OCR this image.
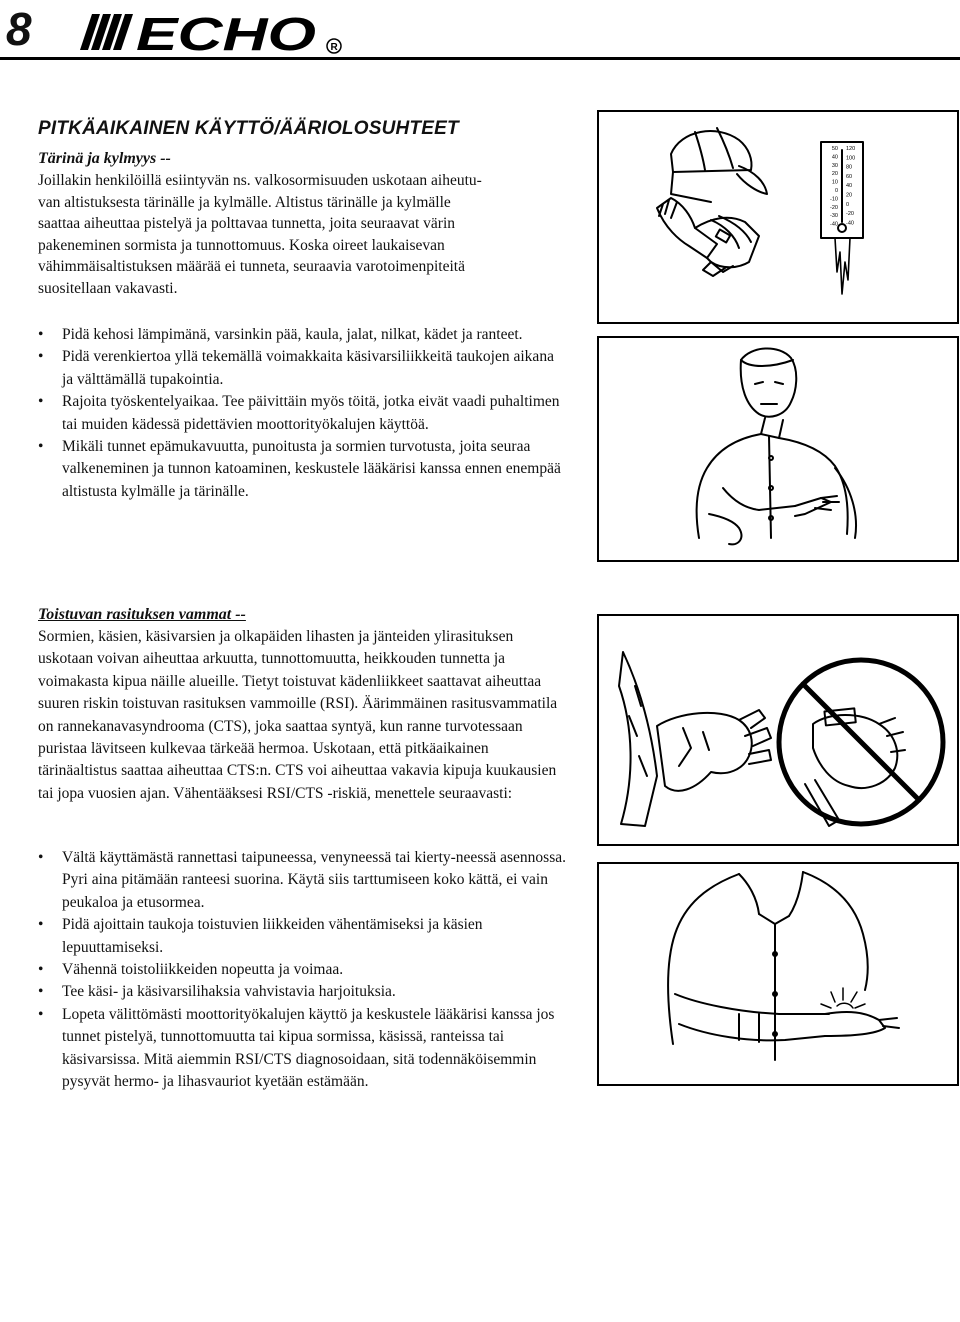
8 ECHO R
PITKÄAIKAINEN KÄYTTÖ/ÄÄRIOLOSUHTEET
Tärinä ja kylmyys --
Joillakin henkilöillä esiintyvän ns. valkosormisuuden uskotaan aiheutu-
van altistuksesta tärinälle ja kylmälle. Altistus tärinälle ja kylmälle
saattaa aiheuttaa pistelyä ja polttavaa tunnetta, joita seuraavat värin
pakeneminen sormista ja tunnottomuus. Koska oireet laukaisevan
vähimmäisaltistuksen määrää ei tunneta, seuraavia varotoimenpiteitä
suositellaan vakavasti.
• Pidä kehosi lämpimänä, varsinkin pää, kaula, jalat, nilkat, kädet ja ranteet.
• Pidä verenkiertoa yllä tekemällä voimakkaita käsivarsiliikkeitä taukojen aikana ja välttämällä tupakointia.
• Rajoita työskentelyaikaa. Tee päivittäin myös töitä, jotka eivät vaadi puhaltimen tai muiden kädessä pidettävien moottorityökalujen käyttöä.
• Mikäli tunnet epämukavuutta, punoitusta ja sormien turvotusta, joita seuraa valkeneminen ja tunnon katoaminen, keskustele lääkärisi kanssa ennen enempää altistusta kylmälle ja tärinälle.
Toistuvan rasituksen vammat --

Sormien, käsien, käsivarsien ja olkapäiden lihasten ja jänteiden ylirasituksen uskotaan voivan aiheuttaa arkuutta, tunnottomuutta, heikkouden tunnetta ja voimakasta kipua näille alueille. Tietyt toistuvat kädenliikkeet saattavat aiheuttaa suuren riskin toistuvan rasituksen vammoille (RSI). Äärimmäinen rasitusvammatila on rannekanavasyndrooma (CTS), joka saattaa syntyä, kun ranne turvotessaan puristaa lävitseen kulkevaa tärkeää hermoa. Uskotaan, että pitkäaikainen tärinäaltistus saattaa aiheuttaa CTS:n. CTS voi aiheuttaa vakavia kipuja kuukausien tai jopa vuosien ajan. Vähentääksesi RSI/CTS -riskiä, menettele seuraavasti:

• Vältä käyttämästä rannettasi taipuneessa, venyneessä tai kierty-neessä asennossa. Pyri aina pitämään ranteesi suorina. Käytä siis tarttumiseen koko kättä, ei vain peukaloa ja etusormea.
• Pidä ajoittain taukoja toistuvien liikkeiden vähentämiseksi ja käsien lepuuttamiseksi.
• Vähennä toistoliikkeiden nopeutta ja voimaa.
• Tee käsi- ja käsivarsilihaksia vahvistavia harjoituksia.
• Lopeta välittömästi moottorityökalujen käyttö ja keskustele lääkärisi kanssa jos tunnet pistelyä, tunnottomuutta tai kipua sormissa, käsissä, ranteissa tai käsivarsissa. Mitä aiemmin RSI/CTS diagnosoidaan, sitä todennäköisemmin pysyvät hermo- ja lihasvauriot kyetään estämään.
50 40 30 20 10 0 -10 -20 -30 -40
120 100 80 60 40 20 0 -20 -40
